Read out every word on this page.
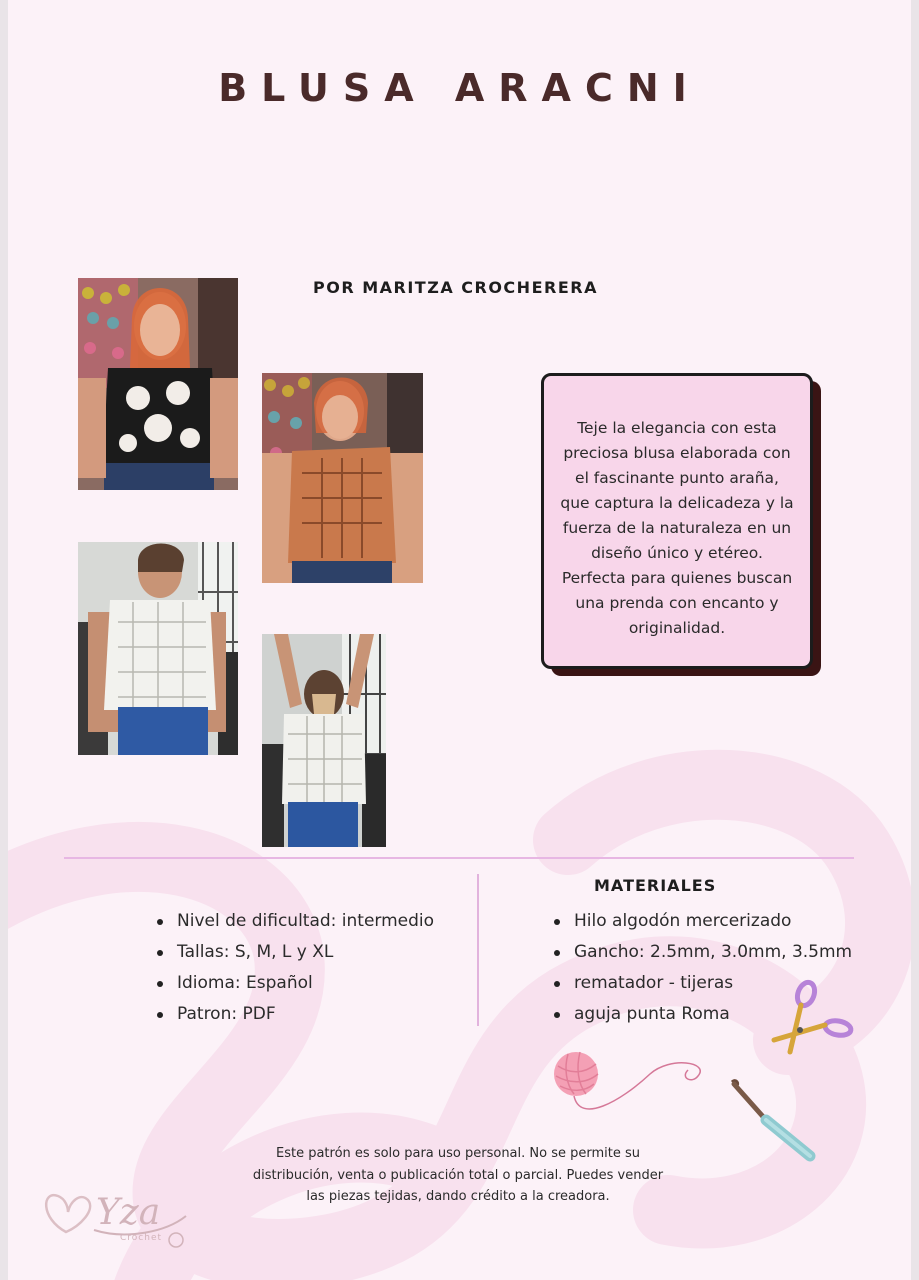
BLUSA ARACNI
POR MARITZA CROCHERERA

Teje la elegancia con esta preciosa blusa elaborada con el fascinante punto araña, que captura la delicadeza y la fuerza de la naturaleza en un diseño único y etéreo. Perfecta para quienes buscan una prenda con encanto y originalidad.

MATERIALES
Nivel de dificultad: intermedio
Tallas: S, M, L y XL
Idioma: Español
Patron: PDF
Hilo algodón mercerizado
Gancho: 2.5mm, 3.0mm, 3.5mm
rematador - tijeras
aguja punta Roma
Este patrón es solo para uso personal. No se permite su distribución, venta o publicación total o parcial. Puedes vender las piezas tejidas, dando crédito a la creadora.
Yza
Crochet
